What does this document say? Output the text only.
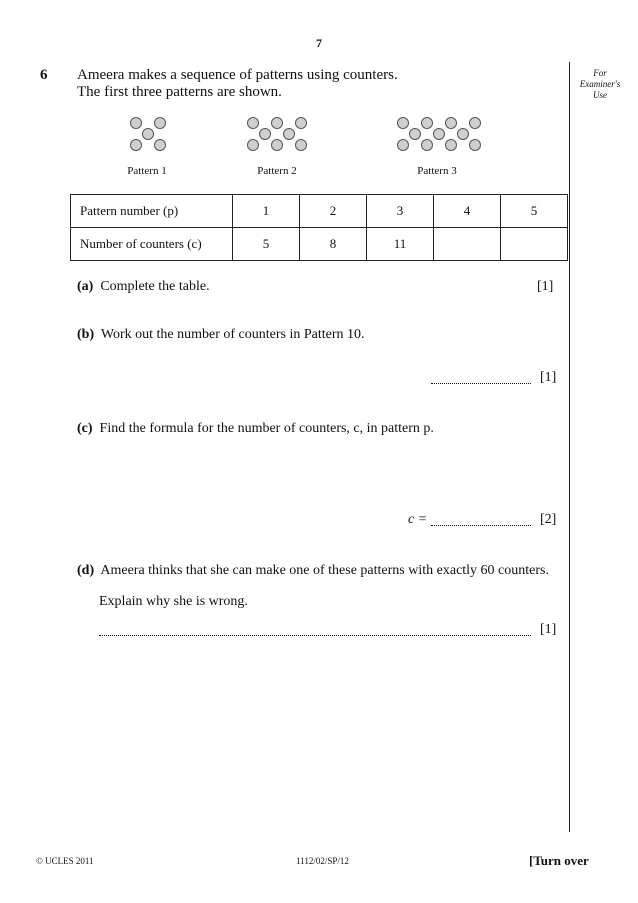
7
For Examiner's Use
6 Ameera makes a sequence of patterns using counters.
The first three patterns are shown.
Pattern 1	Pattern 2	Pattern 3
Pattern number (p)	1	2	3	4	5
Number of counters (c)	5	8	11		
(a) Complete the table.	[1]
(b) Work out the number of counters in Pattern 10.
[1]
(c) Find the formula for the number of counters, c, in pattern p.
c =	[2]
(d) Ameera thinks that she can make one of these patterns with exactly 60 counters.
Explain why she is wrong.
[1]
© UCLES 2011	1112/02/SP/12	[Turn over
